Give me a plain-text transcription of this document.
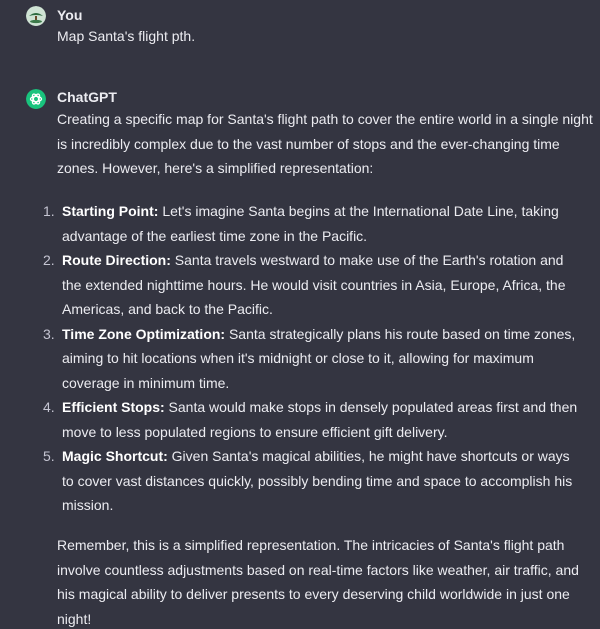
You
Map Santa's flight pth.
ChatGPT
Creating a specific map for Santa's flight path to cover the entire world in a single night is incredibly complex due to the vast number of stops and the ever-changing time zones. However, here's a simplified representation:
1. Starting Point: Let's imagine Santa begins at the International Date Line, taking advantage of the earliest time zone in the Pacific.
2. Route Direction: Santa travels westward to make use of the Earth's rotation and the extended nighttime hours. He would visit countries in Asia, Europe, Africa, the Americas, and back to the Pacific.
3. Time Zone Optimization: Santa strategically plans his route based on time zones, aiming to hit locations when it's midnight or close to it, allowing for maximum coverage in minimum time.
4. Efficient Stops: Santa would make stops in densely populated areas first and then move to less populated regions to ensure efficient gift delivery.
5. Magic Shortcut: Given Santa's magical abilities, he might have shortcuts or ways to cover vast distances quickly, possibly bending time and space to accomplish his mission.
Remember, this is a simplified representation. The intricacies of Santa's flight path involve countless adjustments based on real-time factors like weather, air traffic, and his magical ability to deliver presents to every deserving child worldwide in just one night!
